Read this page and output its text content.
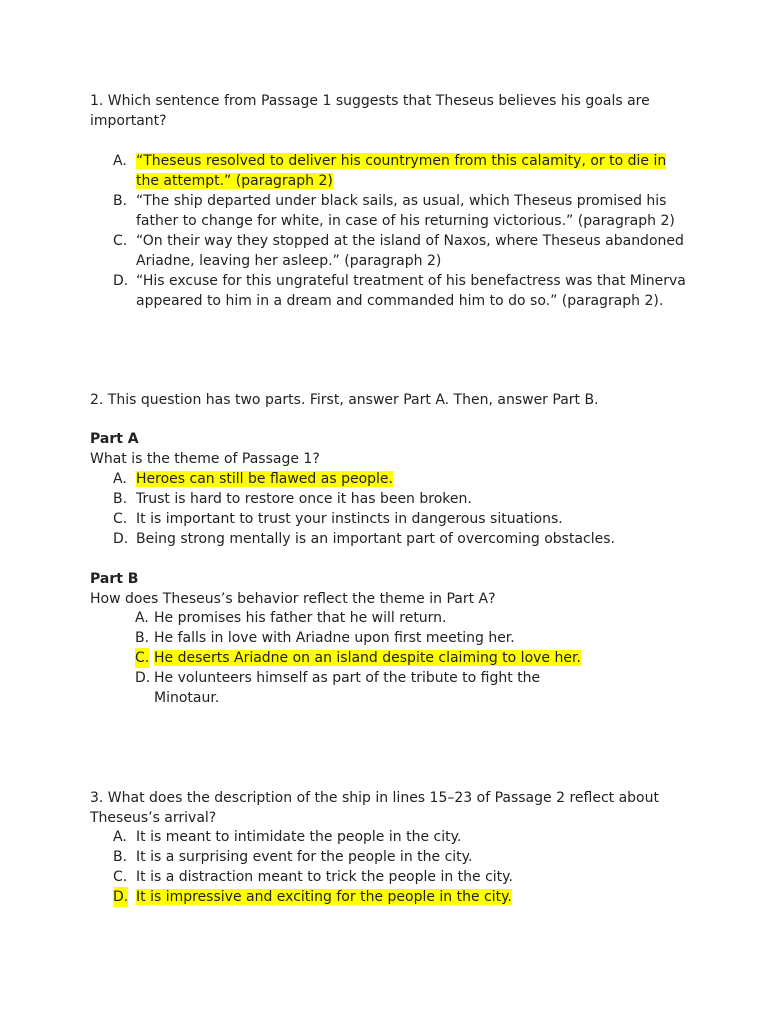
1. Which sentence from Passage 1 suggests that Theseus believes his goals are important?

A. “Theseus resolved to deliver his countrymen from this calamity, or to die in the attempt.” (paragraph 2)
B. “The ship departed under black sails, as usual, which Theseus promised his father to change for white, in case of his returning victorious.” (paragraph 2)
C. “On their way they stopped at the island of Naxos, where Theseus abandoned Ariadne, leaving her asleep.” (paragraph 2)
D. “His excuse for this ungrateful treatment of his benefactress was that Minerva appeared to him in a dream and commanded him to do so.” (paragraph 2).

2. This question has two parts. First, answer Part A. Then, answer Part B.

Part A

What is the theme of Passage 1?

A. Heroes can still be flawed as people.
B. Trust is hard to restore once it has been broken.
C. It is important to trust your instincts in dangerous situations.
D. Being strong mentally is an important part of overcoming obstacles.

Part B

How does Theseus’s behavior reflect the theme in Part A?

A. He promises his father that he will return.
B. He falls in love with Ariadne upon first meeting her.
C. He deserts Ariadne on an island despite claiming to love her.
D. He volunteers himself as part of the tribute to fight the Minotaur.

3. What does the description of the ship in lines 15–23 of Passage 2 reflect about Theseus’s arrival?

A. It is meant to intimidate the people in the city.
B. It is a surprising event for the people in the city.
C. It is a distraction meant to trick the people in the city.
D. It is impressive and exciting for the people in the city.
